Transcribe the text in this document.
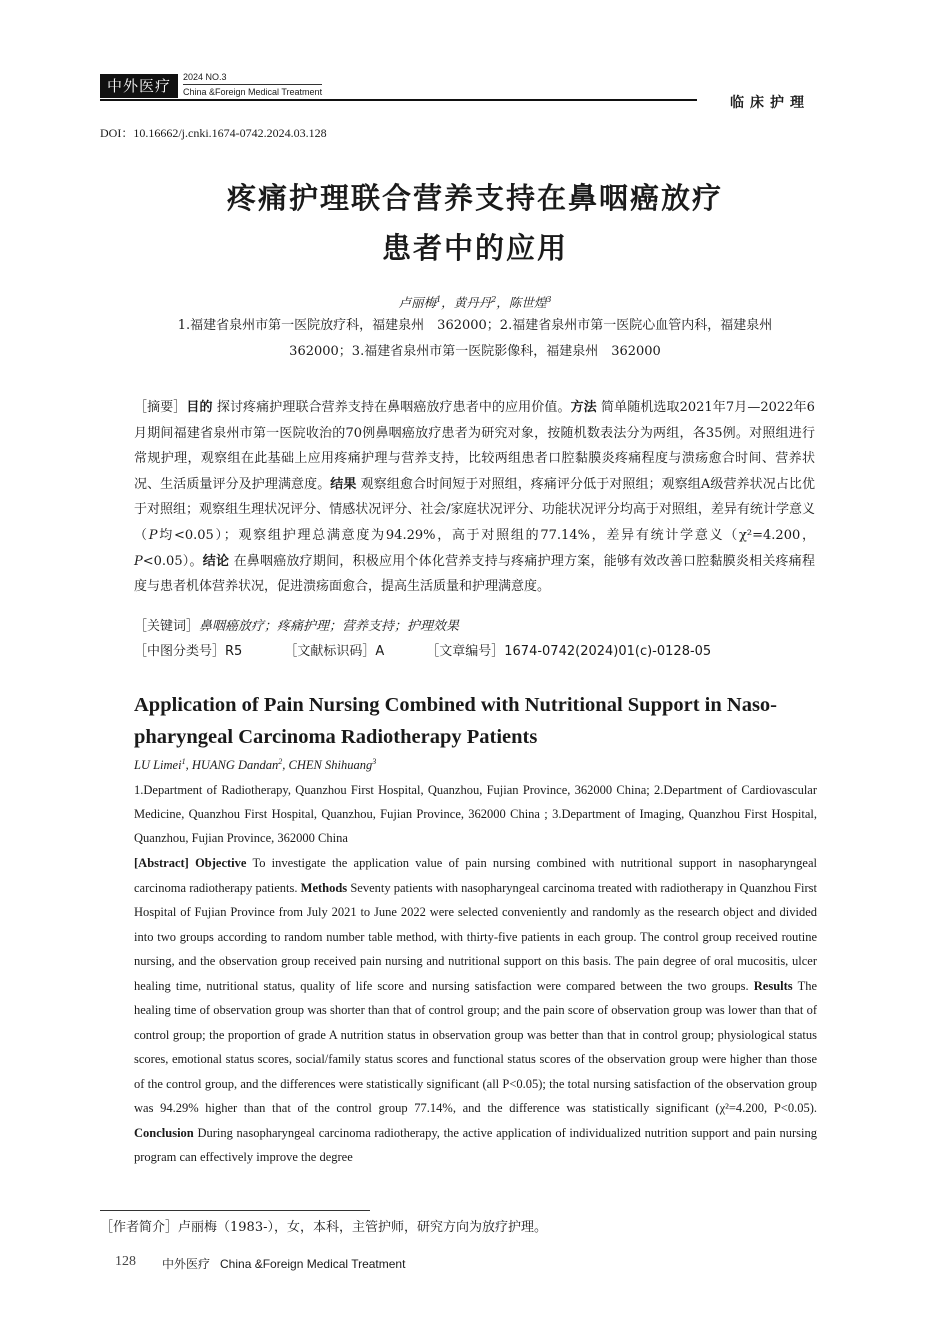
中外医疗	2024 NO.3
China &Foreign Medical Treatment
临床护理
DOI：10.16662/j.cnki.1674-0742.2024.03.128
疼痛护理联合营养支持在鼻咽癌放疗
患者中的应用
卢丽梅$^1$，黄丹丹$^2$，陈世煌$^3$
1.福建省泉州市第一医院放疗科，福建泉州　362000；2.福建省泉州市第一医院心血管内科，福建泉州
362000；3.福建省泉州市第一医院影像科，福建泉州　362000
［摘要］目的 探讨疼痛护理联合营养支持在鼻咽癌放疗患者中的应用价值。方法 简单随机选取2021年7月—2022年6月期间福建省泉州市第一医院收治的70例鼻咽癌放疗患者为研究对象，按随机数表法分为两组，各35例。对照组进行常规护理，观察组在此基础上应用疼痛护理与营养支持，比较两组患者口腔黏膜炎疼痛程度与溃疡愈合时间、营养状况、生活质量评分及护理满意度。结果 观察组愈合时间短于对照组，疼痛评分低于对照组；观察组A级营养状况占比优于对照组；观察组生理状况评分、情感状况评分、社会/家庭状况评分、功能状况评分均高于对照组，差异有统计学意义（P均<0.05）；观察组护理总满意度为94.29%，高于对照组的77.14%，差异有统计学意义（χ²=4.200，P<0.05）。结论 在鼻咽癌放疗期间，积极应用个体化营养支持与疼痛护理方案，能够有效改善口腔黏膜炎相关疼痛程度与患者机体营养状况，促进溃疡面愈合，提高生活质量和护理满意度。
［关键词］鼻咽癌放疗；疼痛护理；营养支持；护理效果
［中图分类号］R5	［文献标识码］A	［文章编号］1674-0742(2024)01(c)-0128-05
Application of Pain Nursing Combined with Nutritional Support in Naso-
pharyngeal Carcinoma Radiotherapy Patients
LU Limei$^1$, HUANG Dandan$^2$, CHEN Shihuang$^3$
1.Department of Radiotherapy, Quanzhou First Hospital, Quanzhou, Fujian Province, 362000 China; 2.Department of Cardiovascular Medicine, Quanzhou First Hospital, Quanzhou, Fujian Province, 362000 China ; 3.Department of Imaging, Quanzhou First Hospital, Quanzhou, Fujian Province, 362000 China
[Abstract] Objective To investigate the application value of pain nursing combined with nutritional support in nasopharyngeal carcinoma radiotherapy patients. Methods Seventy patients with nasopharyngeal carcinoma treated with radiotherapy in Quanzhou First Hospital of Fujian Province from July 2021 to June 2022 were selected conveniently and randomly as the research object and divided into two groups according to random number table method, with thirty-five patients in each group. The control group received routine nursing, and the observation group received pain nursing and nutritional support on this basis. The pain degree of oral mucositis, ulcer healing time, nutritional status, quality of life score and nursing satisfaction were compared between the two groups. Results The healing time of observation group was shorter than that of control group; and the pain score of observation group was lower than that of control group; the proportion of grade A nutrition status in observation group was better than that in control group; physiological status scores, emotional status scores, social/family status scores and functional status scores of the observation group were higher than those of the control group, and the differences were statistically significant (all P<0.05); the total nursing satisfaction of the observation group was 94.29% higher than that of the control group 77.14%, and the difference was statistically significant (χ²=4.200, P<0.05). Conclusion During nasopharyngeal carcinoma radiotherapy, the active application of individualized nutrition support and pain nursing program can effectively improve the degree
［作者简介］卢丽梅（1983-），女，本科，主管护师，研究方向为放疗护理。
128 中外医疗 China &Foreign Medical Treatment
